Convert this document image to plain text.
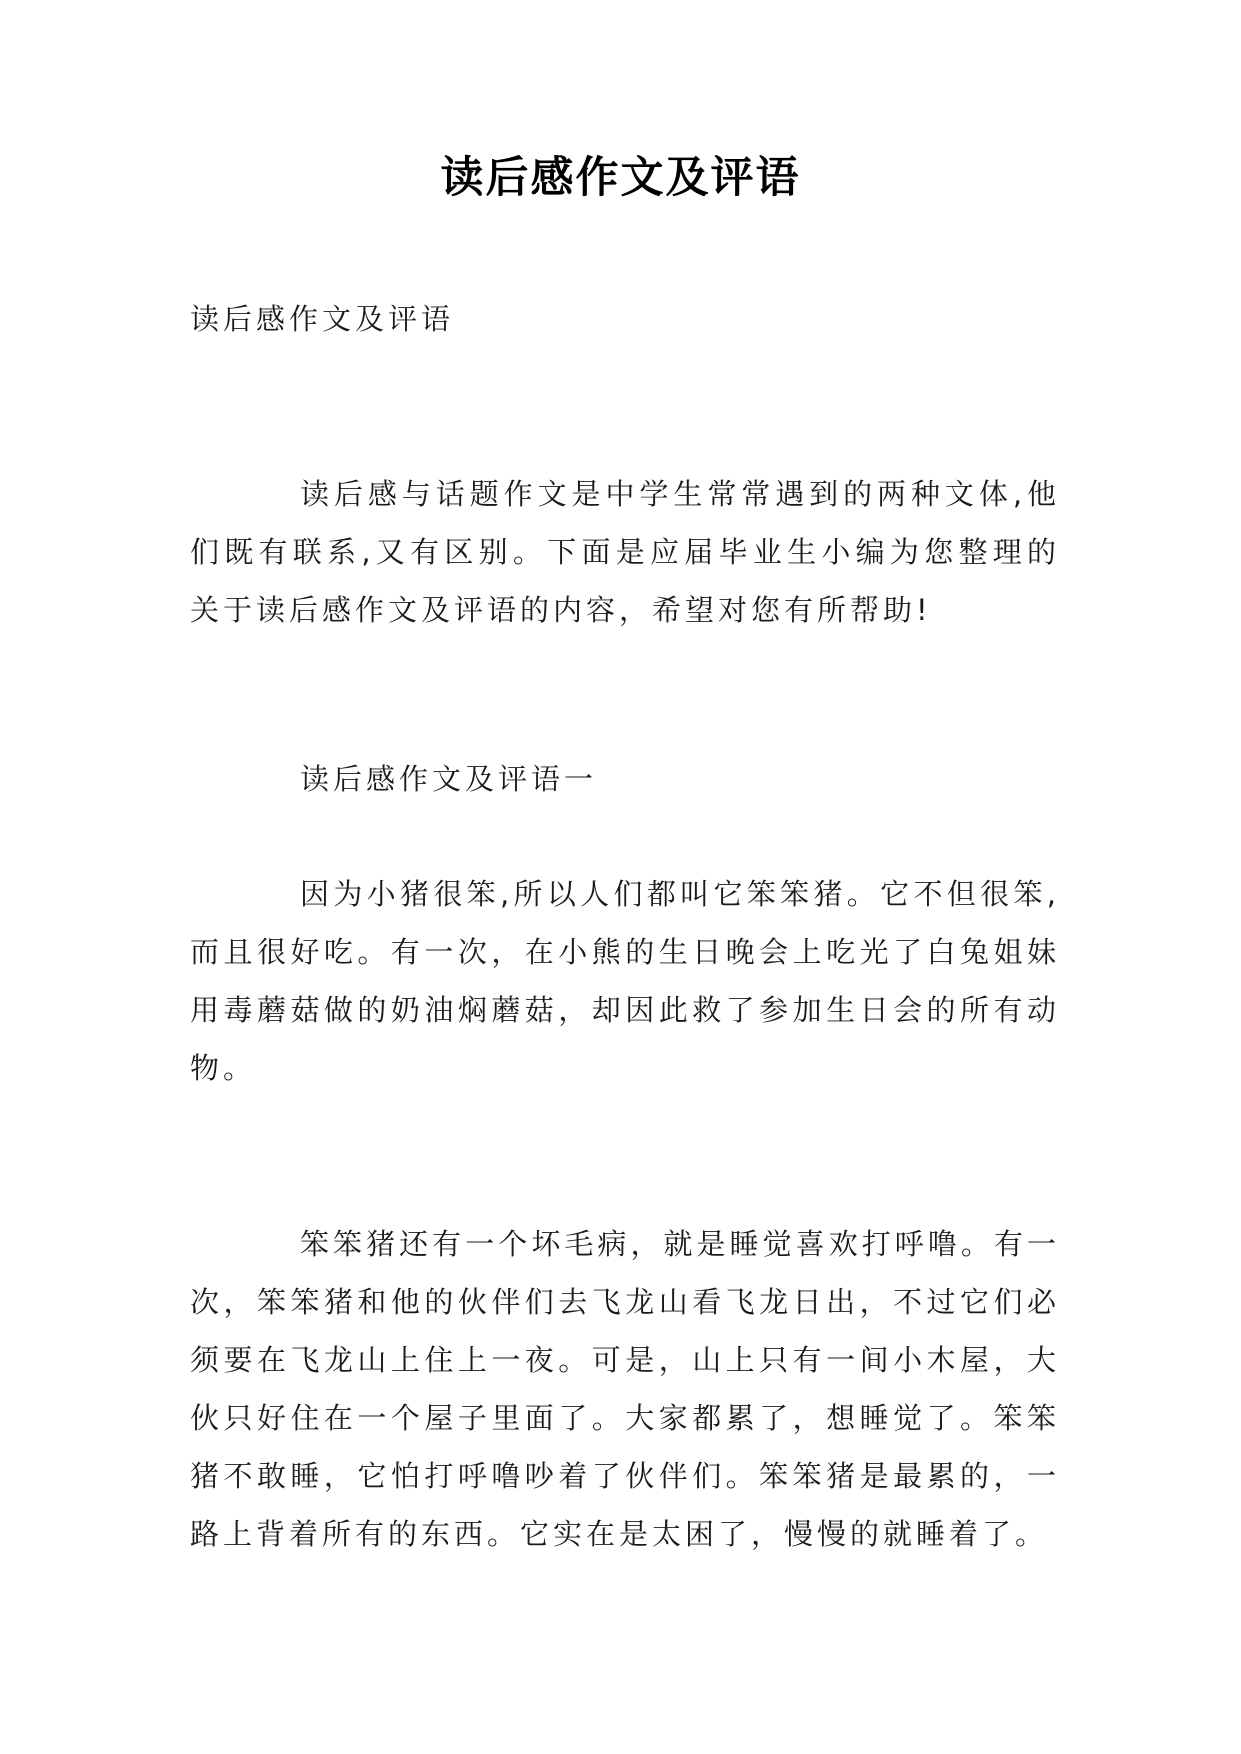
读后感作文及评语

读后感作文及评语

读后感与话题作文是中学生常常遇到的两种文体,他们既有联系,又有区别。下面是应届毕业生小编为您整理的关于读后感作文及评语的内容，希望对您有所帮助!

读后感作文及评语一

因为小猪很笨,所以人们都叫它笨笨猪。它不但很笨,而且很好吃。有一次，在小熊的生日晚会上吃光了白兔姐妹用毒蘑菇做的奶油焖蘑菇，却因此救了参加生日会的所有动物。

笨笨猪还有一个坏毛病，就是睡觉喜欢打呼噜。有一次，笨笨猪和他的伙伴们去飞龙山看飞龙日出，不过它们必须要在飞龙山上住上一夜。可是，山上只有一间小木屋，大伙只好住在一个屋子里面了。大家都累了，想睡觉了。笨笨猪不敢睡，它怕打呼噜吵着了伙伴们。笨笨猪是最累的，一路上背着所有的东西。它实在是太困了，慢慢的就睡着了。
